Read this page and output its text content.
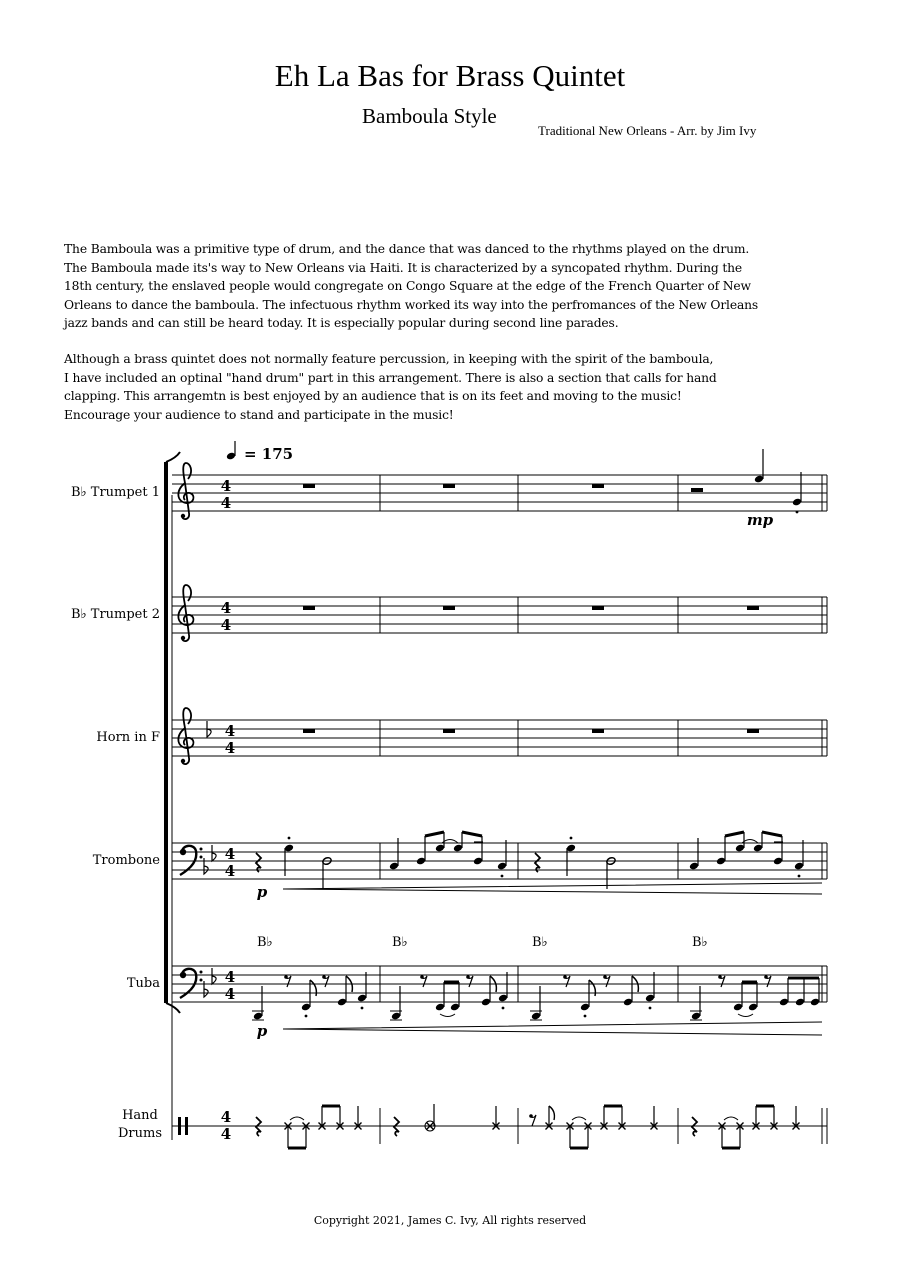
Eh La Bas for Brass Quintet
Bamboula Style
Traditional New Orleans - Arr. by Jim Ivy
The Bamboula was a primitive type of drum, and the dance that was danced to the rhythms played on the drum.
The Bamboula made its's way to New Orleans via Haiti. It is characterized by a syncopated rhythm. During the
18th century, the enslaved people would congregate on Congo Square at the edge of the French Quarter of New
Orleans to dance the bamboula. The infectuous rhythm worked its way into the perfromances of the New Orleans
jazz bands and can still be heard today. It is especially popular during second line parades.
Although a brass quintet does not normally feature percussion, in keeping with the spirit of the bamboula,
I have included an optinal "hand drum" part in this arrangement. There is also a section that calls for hand
clapping. This arrangemtn is best enjoyed by an audience that is on its feet and moving to the music!
Encourage your audience to stand and participate in the music!
= 175
B♭ Trumpet 1
B♭ Trumpet 2
Horn in F
Trombone
Tuba
Hand
Drums
4
4
mp
4
4
4
4
4
4
p
B♭	B♭	B♭	B♭
4
4
p
4
4
Copyright 2021, James C. Ivy, All rights reserved
